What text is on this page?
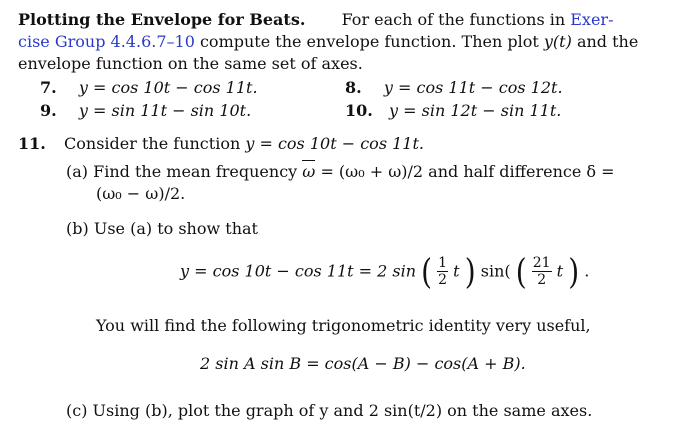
Plotting the Envelope for Beats. For each of the functions in Exer-
cise Group 4.4.6.7–10 compute the envelope function. Then plot y(t) and the
envelope function on the same set of axes.
7. y = cos 10t − cos 11t.	8. y = cos 11t − cos 12t.
9. y = sin 11t − sin 10t.	10. y = sin 12t − sin 11t.
11. Consider the function y = cos 10t − cos 11t.
(a) Find the mean frequency ω = (ω₀ + ω)/2 and half difference δ =
(ω₀ − ω)/2.
(b) Use (a) to show that
y = cos 10t − cos 11t = 2 sin ( $\frac{1}{2}$ t ) sin( ( $\frac{21}{2}$ t ) .
You will find the following trigonometric identity very useful,
2 sin A sin B = cos(A − B) − cos(A + B).
(c) Using (b), plot the graph of y and 2 sin(t/2) on the same axes.
